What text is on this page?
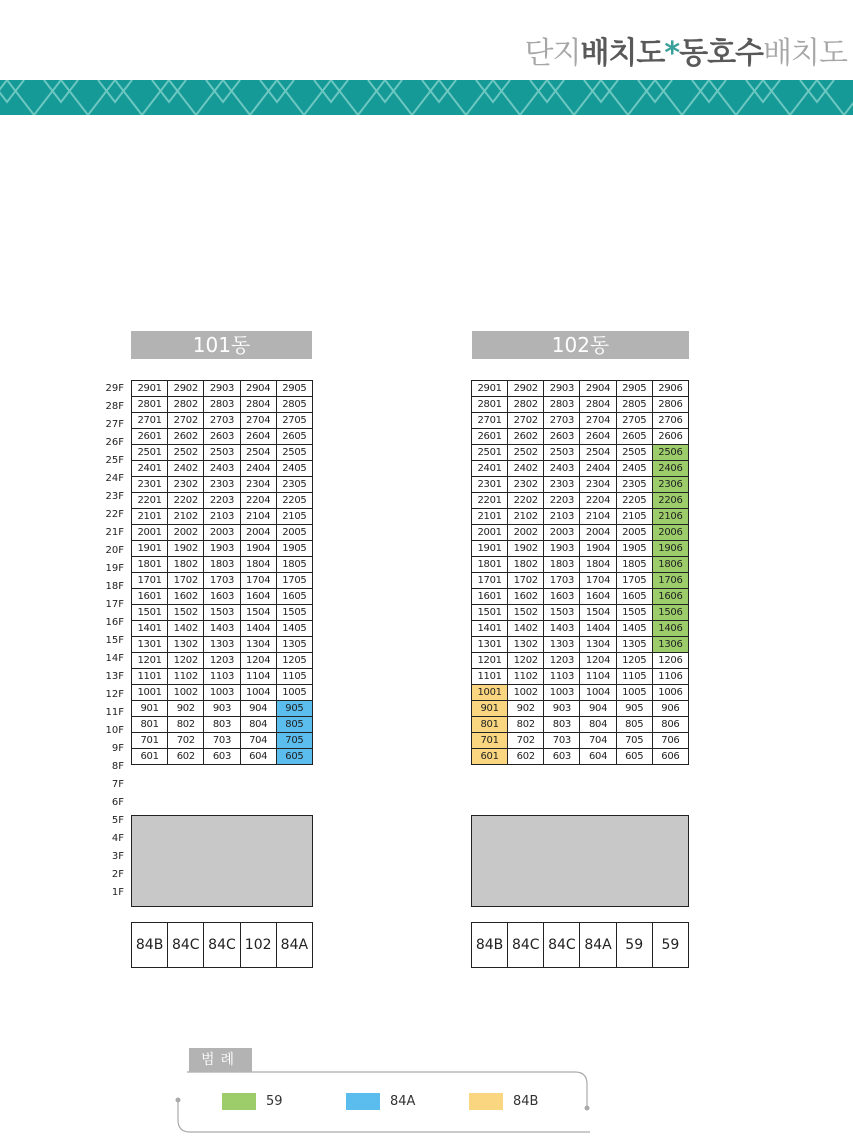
단지배치도*동호수배치도
101동
29F
28F
27F
26F
25F
24F
23F
22F
21F
20F
19F
18F
17F
16F
15F
14F
13F
12F
11F
10F
9F
8F
7F
6F
5F
4F
3F
2F
1F
2901	2902	2903	2904	2905
2801	2802	2803	2804	2805
2701	2702	2703	2704	2705
2601	2602	2603	2604	2605
2501	2502	2503	2504	2505
2401	2402	2403	2404	2405
2301	2302	2303	2304	2305
2201	2202	2203	2204	2205
2101	2102	2103	2104	2105
2001	2002	2003	2004	2005
1901	1902	1903	1904	1905
1801	1802	1803	1804	1805
1701	1702	1703	1704	1705
1601	1602	1603	1604	1605
1501	1502	1503	1504	1505
1401	1402	1403	1404	1405
1301	1302	1303	1304	1305
1201	1202	1203	1204	1205
1101	1102	1103	1104	1105
1001	1002	1003	1004	1005
901	902	903	904	905
801	802	803	804	805
701	702	703	704	705
601	602	603	604	605
84B	84C	84C	102	84A
102동
2901	2902	2903	2904	2905	2906
2801	2802	2803	2804	2805	2806
2701	2702	2703	2704	2705	2706
2601	2602	2603	2604	2605	2606
2501	2502	2503	2504	2505	2506
2401	2402	2403	2404	2405	2406
2301	2302	2303	2304	2305	2306
2201	2202	2203	2204	2205	2206
2101	2102	2103	2104	2105	2106
2001	2002	2003	2004	2005	2006
1901	1902	1903	1904	1905	1906
1801	1802	1803	1804	1805	1806
1701	1702	1703	1704	1705	1706
1601	1602	1603	1604	1605	1606
1501	1502	1503	1504	1505	1506
1401	1402	1403	1404	1405	1406
1301	1302	1303	1304	1305	1306
1201	1202	1203	1204	1205	1206
1101	1102	1103	1104	1105	1106
1001	1002	1003	1004	1005	1006
901	902	903	904	905	906
801	802	803	804	805	806
701	702	703	704	705	706
601	602	603	604	605	606
84B	84C	84C	84A	59	59
범례
59	84A	84B
